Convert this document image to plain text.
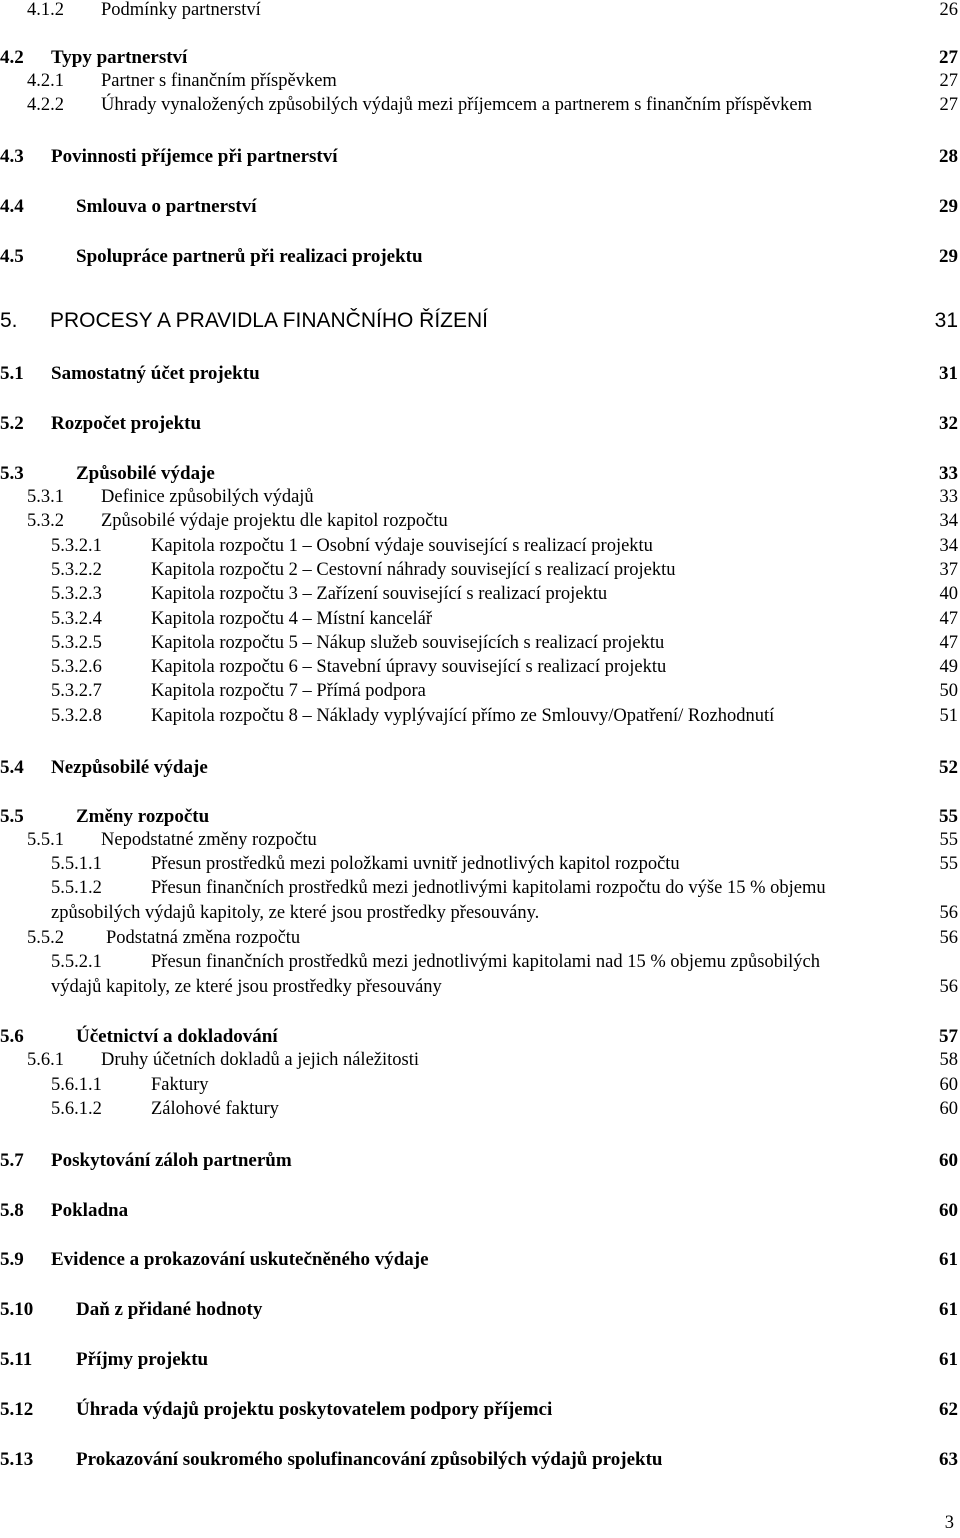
4.1.2 Podmínky partnerství	26
4.2 Typy partnerství	27
4.2.1 Partner s finančním příspěvkem	27
4.2.2 Úhrady vynaložených způsobilých výdajů mezi příjemcem a partnerem s finančním příspěvkem	27
4.3 Povinnosti příjemce při partnerství	28
4.4	Smlouva o partnerství	29
4.5	Spolupráce partnerů při realizaci projektu	29
5. PROCESY A PRAVIDLA FINANČNÍHO ŘÍZENÍ	31
5.1 Samostatný účet projektu	31
5.2 Rozpočet projektu	32
5.3	Způsobilé výdaje	33
5.3.1 Definice způsobilých výdajů	33
5.3.2 Způsobilé výdaje projektu dle kapitol rozpočtu	34
5.3.2.1	Kapitola rozpočtu 1 – Osobní výdaje související s realizací projektu	34
5.3.2.2	Kapitola rozpočtu 2 – Cestovní náhrady související s realizací projektu	37
5.3.2.3	Kapitola rozpočtu 3 – Zařízení související s realizací projektu	40
5.3.2.4	Kapitola rozpočtu 4 – Místní kancelář	47
5.3.2.5	Kapitola rozpočtu 5 – Nákup služeb souvisejících s realizací projektu	47
5.3.2.6	Kapitola rozpočtu 6 – Stavební úpravy související s realizací projektu	49
5.3.2.7	Kapitola rozpočtu 7 – Přímá podpora	50
5.3.2.8	Kapitola rozpočtu 8 – Náklady vyplývající přímo ze Smlouvy/Opatření/ Rozhodnutí	51
5.4 Nezpůsobilé výdaje	52
5.5	Změny rozpočtu	55
5.5.1 Nepodstatné změny rozpočtu	55
5.5.1.1	Přesun prostředků mezi položkami uvnitř jednotlivých kapitol rozpočtu	55
5.5.1.2	Přesun finančních prostředků mezi jednotlivými kapitolami rozpočtu do výše 15 % objemu
způsobilých výdajů kapitoly, ze které jsou prostředky přesouvány.	56
5.5.2 Podstatná změna rozpočtu	56
5.5.2.1	Přesun finančních prostředků mezi jednotlivými kapitolami nad 15 % objemu způsobilých
výdajů kapitoly, ze které jsou prostředky přesouvány	56
5.6	Účetnictví a dokladování	57
5.6.1 Druhy účetních dokladů a jejich náležitosti	58
5.6.1.1	Faktury	60
5.6.1.2	Zálohové faktury	60
5.7 Poskytování záloh partnerům	60
5.8 Pokladna	60
5.9 Evidence a prokazování uskutečněného výdaje	61
5.10 Daň z přidané hodnoty	61
5.11 Příjmy projektu	61
5.12 Úhrada výdajů projektu poskytovatelem podpory příjemci	62
5.13 Prokazování soukromého spolufinancování způsobilých výdajů projektu	63
3
